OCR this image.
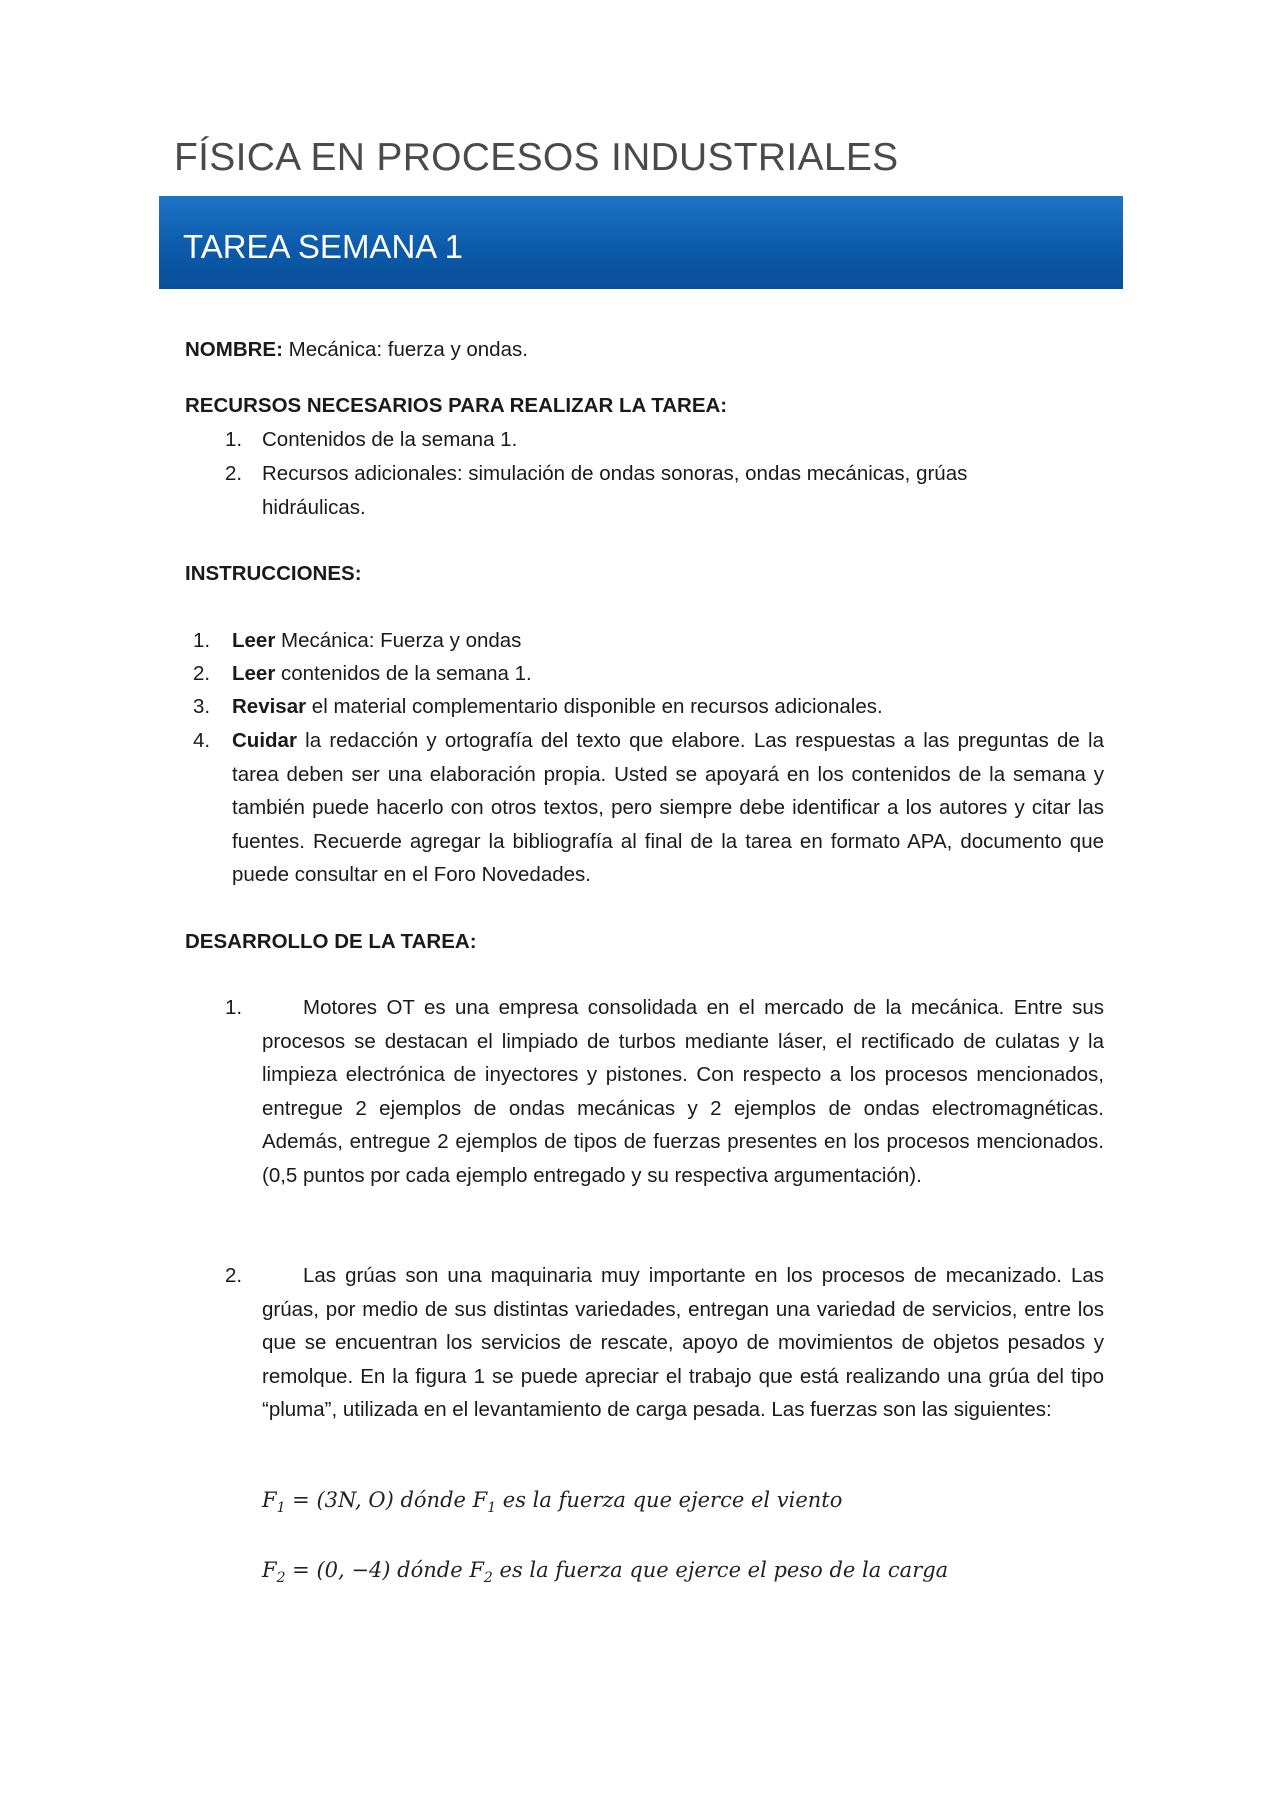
FÍSICA EN PROCESOS INDUSTRIALES
TAREA SEMANA 1
NOMBRE: Mecánica: fuerza y ondas.
RECURSOS NECESARIOS PARA REALIZAR LA TAREA:
1. Contenidos de la semana 1.
2. Recursos adicionales: simulación de ondas sonoras, ondas mecánicas, grúas
hidráulicas.
INSTRUCCIONES:
1. Leer Mecánica: Fuerza y ondas
2. Leer contenidos de la semana 1.
3. Revisar el material complementario disponible en recursos adicionales.
4. Cuidar la redacción y ortografía del texto que elabore. Las respuestas a las preguntas de la tarea deben ser una elaboración propia. Usted se apoyará en los contenidos de la semana y también puede hacerlo con otros textos, pero siempre debe identificar a los autores y citar las fuentes. Recuerde agregar la bibliografía al final de la tarea en formato APA, documento que puede consultar en el Foro Novedades.
DESARROLLO DE LA TAREA:
1.	Motores OT es una empresa consolidada en el mercado de la mecánica. Entre sus procesos se destacan el limpiado de turbos mediante láser, el rectificado de culatas y la limpieza electrónica de inyectores y pistones. Con respecto a los procesos mencionados, entregue 2 ejemplos de ondas mecánicas y 2 ejemplos de ondas electromagnéticas. Además, entregue 2 ejemplos de tipos de fuerzas presentes en los procesos mencionados. (0,5 puntos por cada ejemplo entregado y su respectiva argumentación).
2.	Las grúas son una maquinaria muy importante en los procesos de mecanizado. Las grúas, por medio de sus distintas variedades, entregan una variedad de servicios, entre los que se encuentran los servicios de rescate, apoyo de movimientos de objetos pesados y remolque. En la figura 1 se puede apreciar el trabajo que está realizando una grúa del tipo “pluma”, utilizada en el levantamiento de carga pesada. Las fuerzas son las siguientes:
$F_1 = (3N$, O) dónde $F_1$ es la fuerza que ejerce el viento
$F_2 = (0$, −4) dónde $F_2$ es la fuerza que ejerce el peso de la carga
